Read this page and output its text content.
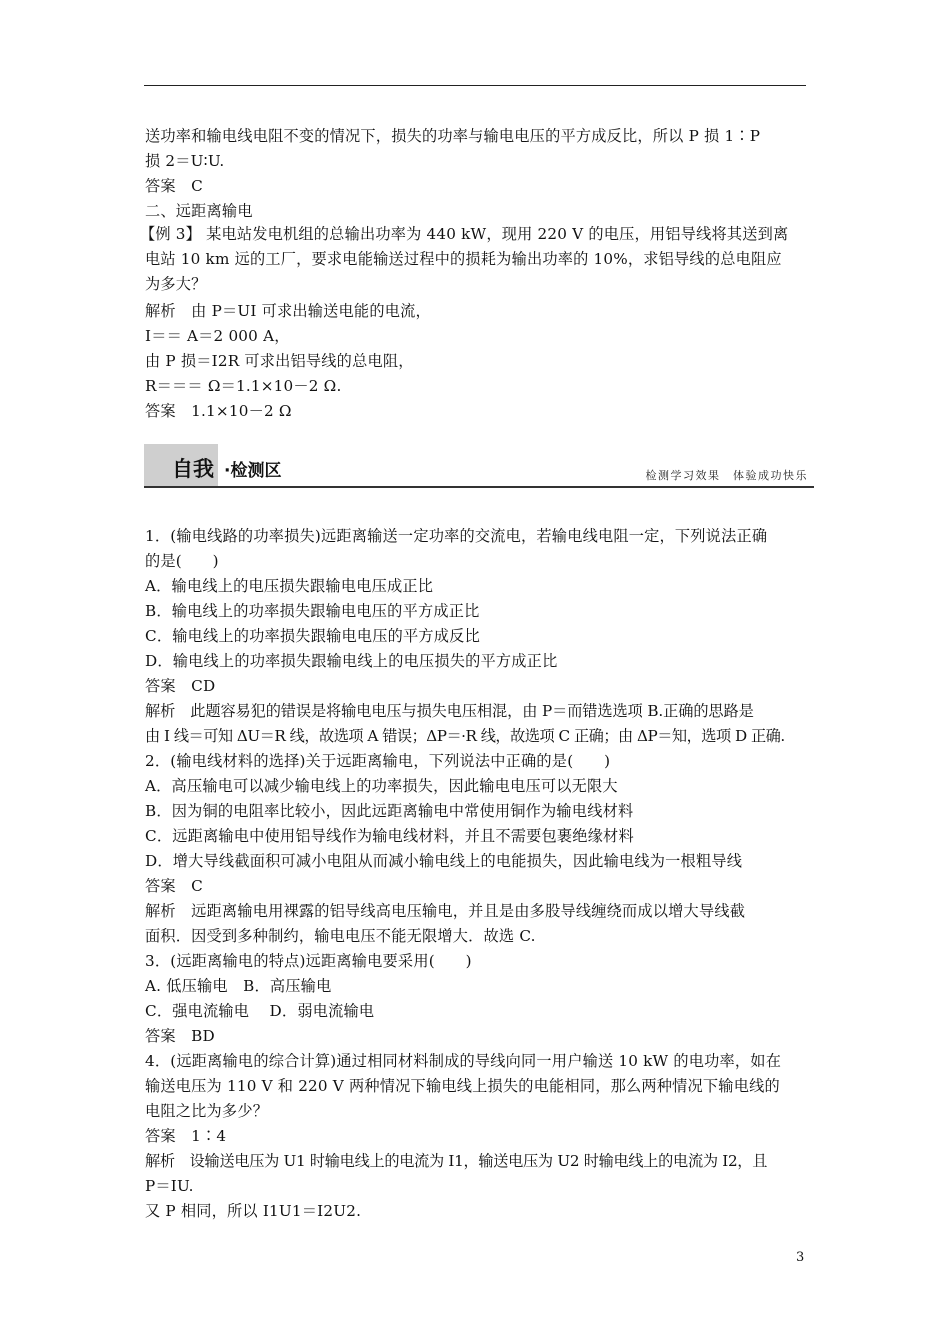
送功率和输电线电阻不变的情况下，损失的功率与输电电压的平方成反比，所以 P 损 1∶P
损 2＝U∶U.
答案　C
二、远距离输电
【例 3】 某电站发电机组的总输出功率为 440 kW，现用 220 V 的电压，用铝导线将其送到离
电站 10 km 远的工厂，要求电能输送过程中的损耗为输出功率的 10%，求铝导线的总电阻应
为多大？
解析　由 P＝UI 可求出输送电能的电流，
I＝＝ A＝2 000 A，
由 P 损＝I2R 可求出铝导线的总电阻，
R＝＝＝ Ω＝1.1×10－2 Ω.
答案　1.1×10－2 Ω
自我 ·检测区	检测学习效果　体验成功快乐
1．(输电线路的功率损失)远距离输送一定功率的交流电，若输电线电阻一定，下列说法正确
的是(　　)
A．输电线上的电压损失跟输电电压成正比
B．输电线上的功率损失跟输电电压的平方成正比
C．输电线上的功率损失跟输电电压的平方成反比
D．输电线上的功率损失跟输电线上的电压损失的平方成正比
答案　CD
解析　此题容易犯的错误是将输电电压与损失电压相混，由 P＝而错选选项 B.正确的思路是
由 I 线＝可知 ΔU＝R 线，故选项 A 错误；ΔP＝·R 线，故选项 C 正确；由 ΔP＝知，选项 D 正确.
2．(输电线材料的选择)关于远距离输电，下列说法中正确的是(　　)
A．高压输电可以减少输电线上的功率损失，因此输电电压可以无限大
B．因为铜的电阻率比较小，因此远距离输电中常使用铜作为输电线材料
C．远距离输电中使用铝导线作为输电线材料，并且不需要包裹绝缘材料
D．增大导线截面积可减小电阻从而减小输电线上的电能损失，因此输电线为一根粗导线
答案　C
解析　远距离输电用裸露的铝导线高电压输电，并且是由多股导线缠绕而成以增大导线截
面积．因受到多种制约，输电电压不能无限增大．故选 C.
3．(远距离输电的特点)远距离输电要采用(　　)
A. 低压输电　B．高压输电
C．强电流输电　 D．弱电流输电
答案　BD
4．(远距离输电的综合计算)通过相同材料制成的导线向同一用户输送 10 kW 的电功率，如在
输送电压为 110 V 和 220 V 两种情况下输电线上损失的电能相同，那么两种情况下输电线的
电阻之比为多少？
答案　1∶4
解析　设输送电压为 U1 时输电线上的电流为 I1，输送电压为 U2 时输电线上的电流为 I2，且
P＝IU.
又 P 相同，所以 I1U1＝I2U2.
3
